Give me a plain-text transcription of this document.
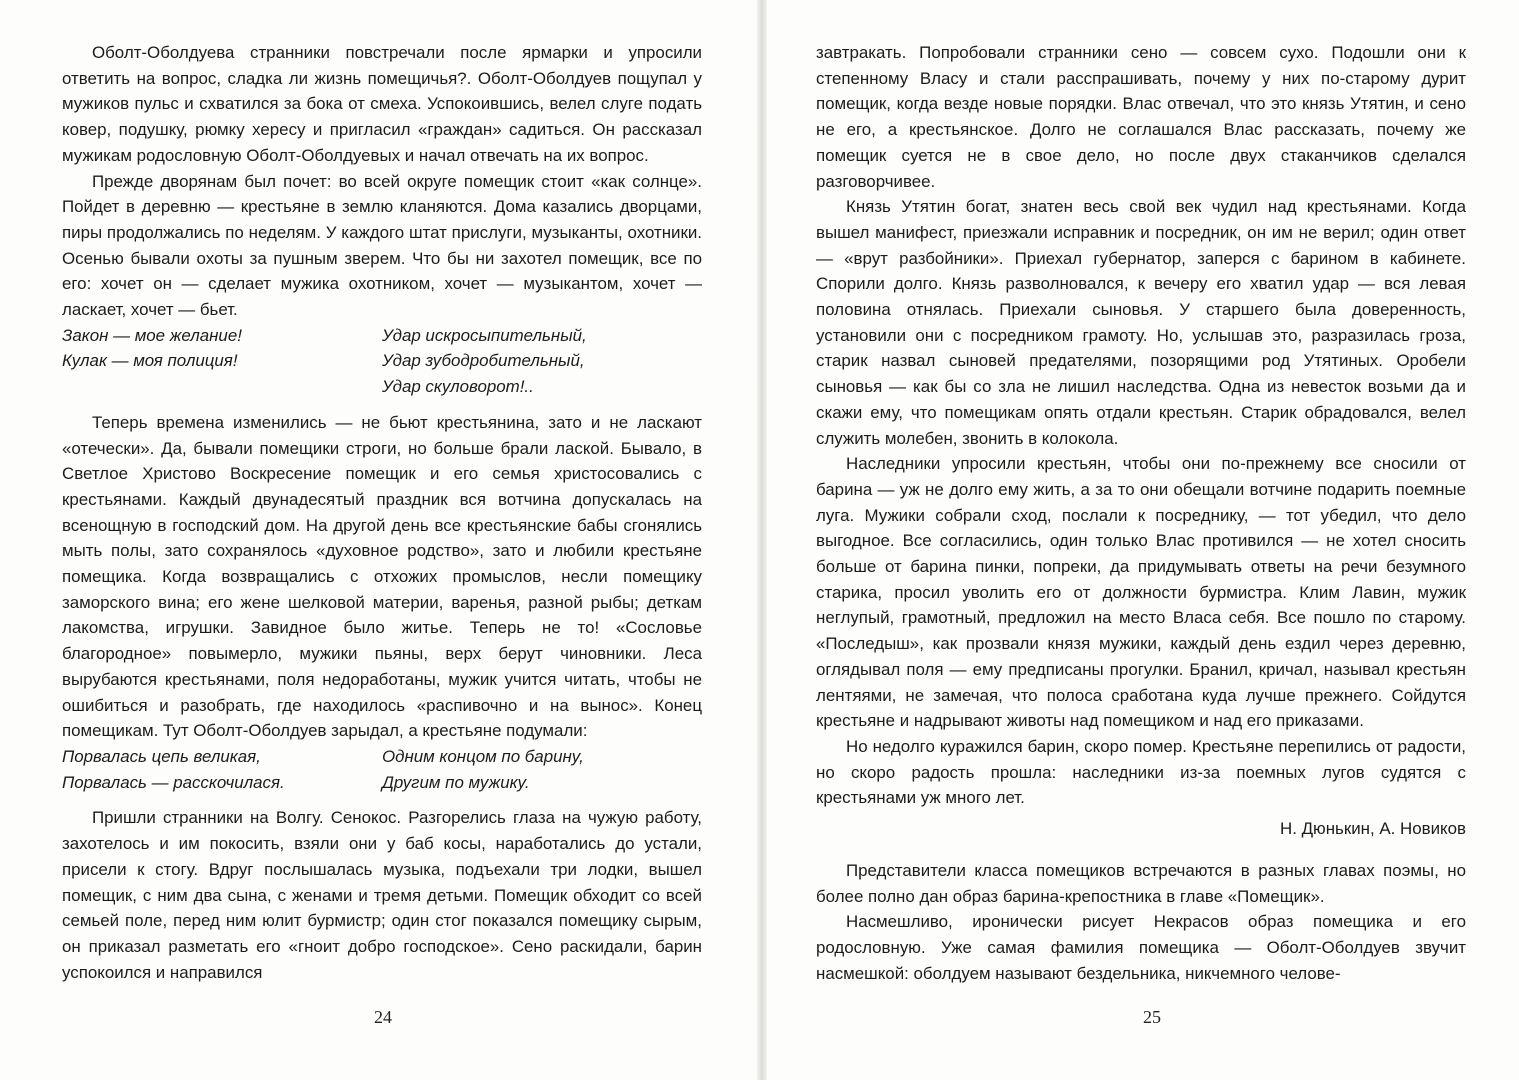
Оболт-Оболдуева странники повстречали после ярмарки и упросили ответить на вопрос, сладка ли жизнь помещичья?. Оболт-Оболдуев пощупал у мужиков пульс и схватился за бока от смеха. Успокоившись, велел слуге подать ковер, подушку, рюмку хересу и пригласил «граждан» садиться. Он рассказал мужикам родословную Оболт-Оболдуевых и начал отвечать на их вопрос.

Прежде дворянам был почет: во всей округе помещик стоит «как солнце». Пойдет в деревню — крестьяне в землю кланяются. Дома казались дворцами, пиры продолжались по неделям. У каждого штат прислуги, музыканты, охотники. Осенью бывали охоты за пушным зверем. Что бы ни захотел помещик, все по его: хочет он — сделает мужика охотником, хочет — музыкантом, хочет — ласкает, хочет — бьет.

Закон — мое желание!
Кулак — моя полиция!
Удар искросыпительный,
Удар зубодробительный,
Удар скуловорот!..

Теперь времена изменились — не бьют крестьянина, зато и не ласкают «отечески». Да, бывали помещики строги, но больше брали лаской. Бывало, в Светлое Христово Воскресение помещик и его семья христосовались с крестьянами. Каждый двунадесятый праздник вся вотчина допускалась на всенощную в господский дом. На другой день все крестьянские бабы сгонялись мыть полы, зато сохранялось «духовное родство», зато и любили крестьяне помещика. Когда возвращались с отхожих промыслов, несли помещику заморского вина; его жене шелковой материи, варенья, разной рыбы; деткам лакомства, игрушки. Завидное было житье. Теперь не то! «Сословье благородное» повымерло, мужики пьяны, верх берут чиновники. Леса вырубаются крестьянами, поля недоработаны, мужик учится читать, чтобы не ошибиться и разобрать, где находилось «распивочно и на вынос». Конец помещикам. Тут Оболт-Оболдуев зарыдал, а крестьяне подумали:

Порвалась цепь великая,
Порвалась — расскочилася.
Одним концом по барину,
Другим по мужику.

Пришли странники на Волгу. Сенокос. Разгорелись глаза на чужую работу, захотелось и им покосить, взяли они у баб косы, наработались до устали, присели к стогу. Вдруг послышалась музыка, подъехали три лодки, вышел помещик, с ним два сына, с женами и тремя детьми. Помещик обходит со всей семьей поле, перед ним юлит бурмистр; один стог показался помещику сырым, он приказал разметать его «гноит добро господское». Сено раскидали, барин успокоился и направился

24

завтракать. Попробовали странники сено — совсем сухо. Подошли они к степенному Власу и стали расспрашивать, почему у них по-старому дурит помещик, когда везде новые порядки. Влас отвечал, что это князь Утятин, и сено не его, а крестьянское. Долго не соглашался Влас рассказать, почему же помещик суется не в свое дело, но после двух стаканчиков сделался разговорчивее.

Князь Утятин богат, знатен весь свой век чудил над крестьянами. Когда вышел манифест, приезжали исправник и посредник, он им не верил; один ответ — «врут разбойники». Приехал губернатор, заперся с барином в кабинете. Спорили долго. Князь разволновался, к вечеру его хватил удар — вся левая половина отнялась. Приехали сыновья. У старшего была доверенность, установили они с посредником грамоту. Но, услышав это, разразилась гроза, старик назвал сыновей предателями, позорящими род Утятиных. Оробели сыновья — как бы со зла не лишил наследства. Одна из невесток возьми да и скажи ему, что помещикам опять отдали крестьян. Старик обрадовался, велел служить молебен, звонить в колокола.

Наследники упросили крестьян, чтобы они по-прежнему все сносили от барина — уж не долго ему жить, а за то они обещали вотчине подарить поемные луга. Мужики собрали сход, послали к посреднику, — тот убедил, что дело выгодное. Все согласились, один только Влас противился — не хотел сносить больше от барина пинки, попреки, да придумывать ответы на речи безумного старика, просил уволить его от должности бурмистра. Клим Лавин, мужик неглупый, грамотный, предложил на место Власа себя. Все пошло по старому. «Последыш», как прозвали князя мужики, каждый день ездил через деревню, оглядывал поля — ему предписаны прогулки. Бранил, кричал, называл крестьян лентяями, не замечая, что полоса сработана куда лучше прежнего. Сойдутся крестьяне и надрывают животы над помещиком и над его приказами.

Но недолго куражился барин, скоро помер. Крестьяне перепились от радости, но скоро радость прошла: наследники из-за поемных лугов судятся с крестьянами уж много лет.

Н. Дюнькин, А. Новиков

Представители класса помещиков встречаются в разных главах поэмы, но более полно дан образ барина-крепостника в главе «Помещик».

Насмешливо, иронически рисует Некрасов образ помещика и его родословную. Уже самая фамилия помещика — Оболт-Оболдуев звучит насмешкой: оболдуем называют бездельника, никчемного челове-

25
